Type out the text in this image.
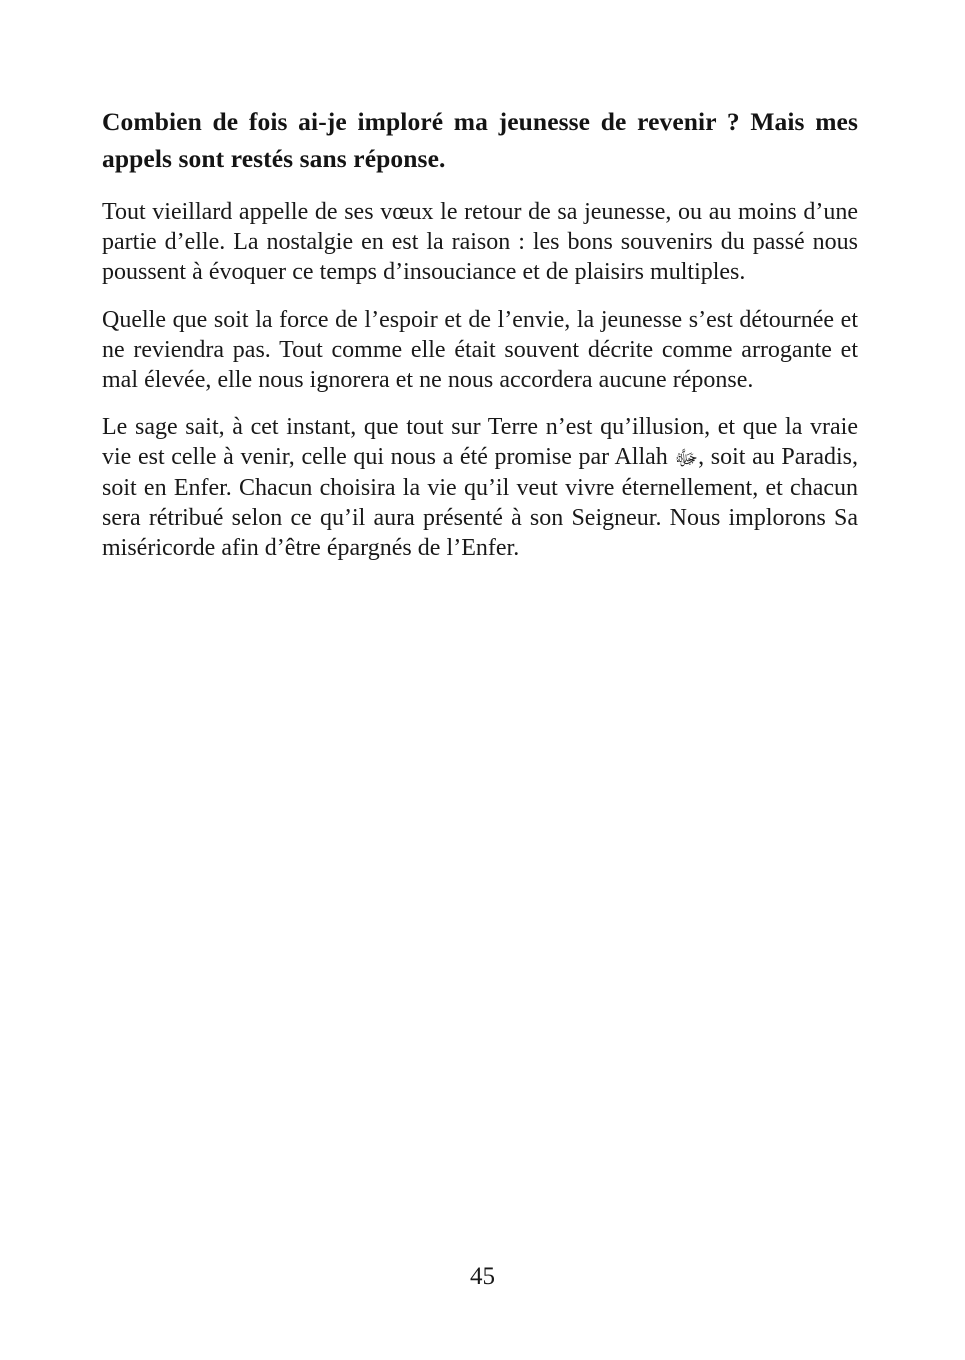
Combien de fois ai-je imploré ma jeunesse de revenir ? Mais mes appels sont restés sans réponse.

Tout vieillard appelle de ses vœux le retour de sa jeunesse, ou au moins d’une partie d’elle. La nostalgie en est la raison : les bons souvenirs du passé nous poussent à évoquer ce temps d’insouciance et de plaisirs multiples.

Quelle que soit la force de l’espoir et de l’envie, la jeunesse s’est détournée et ne reviendra pas. Tout comme elle était souvent décrite comme arrogante et mal élevée, elle nous ignorera et ne nous accordera aucune réponse.

Le sage sait, à cet instant, que tout sur Terre n’est qu’illusion, et que la vraie vie est celle à venir, celle qui nous a été promise par Allah ﷻ, soit au Paradis, soit en Enfer. Chacun choisira la vie qu’il veut vivre éternellement, et chacun sera rétribué selon ce qu’il aura présenté à son Seigneur. Nous implorons Sa miséricorde afin d’être épargnés de l’Enfer.

45
